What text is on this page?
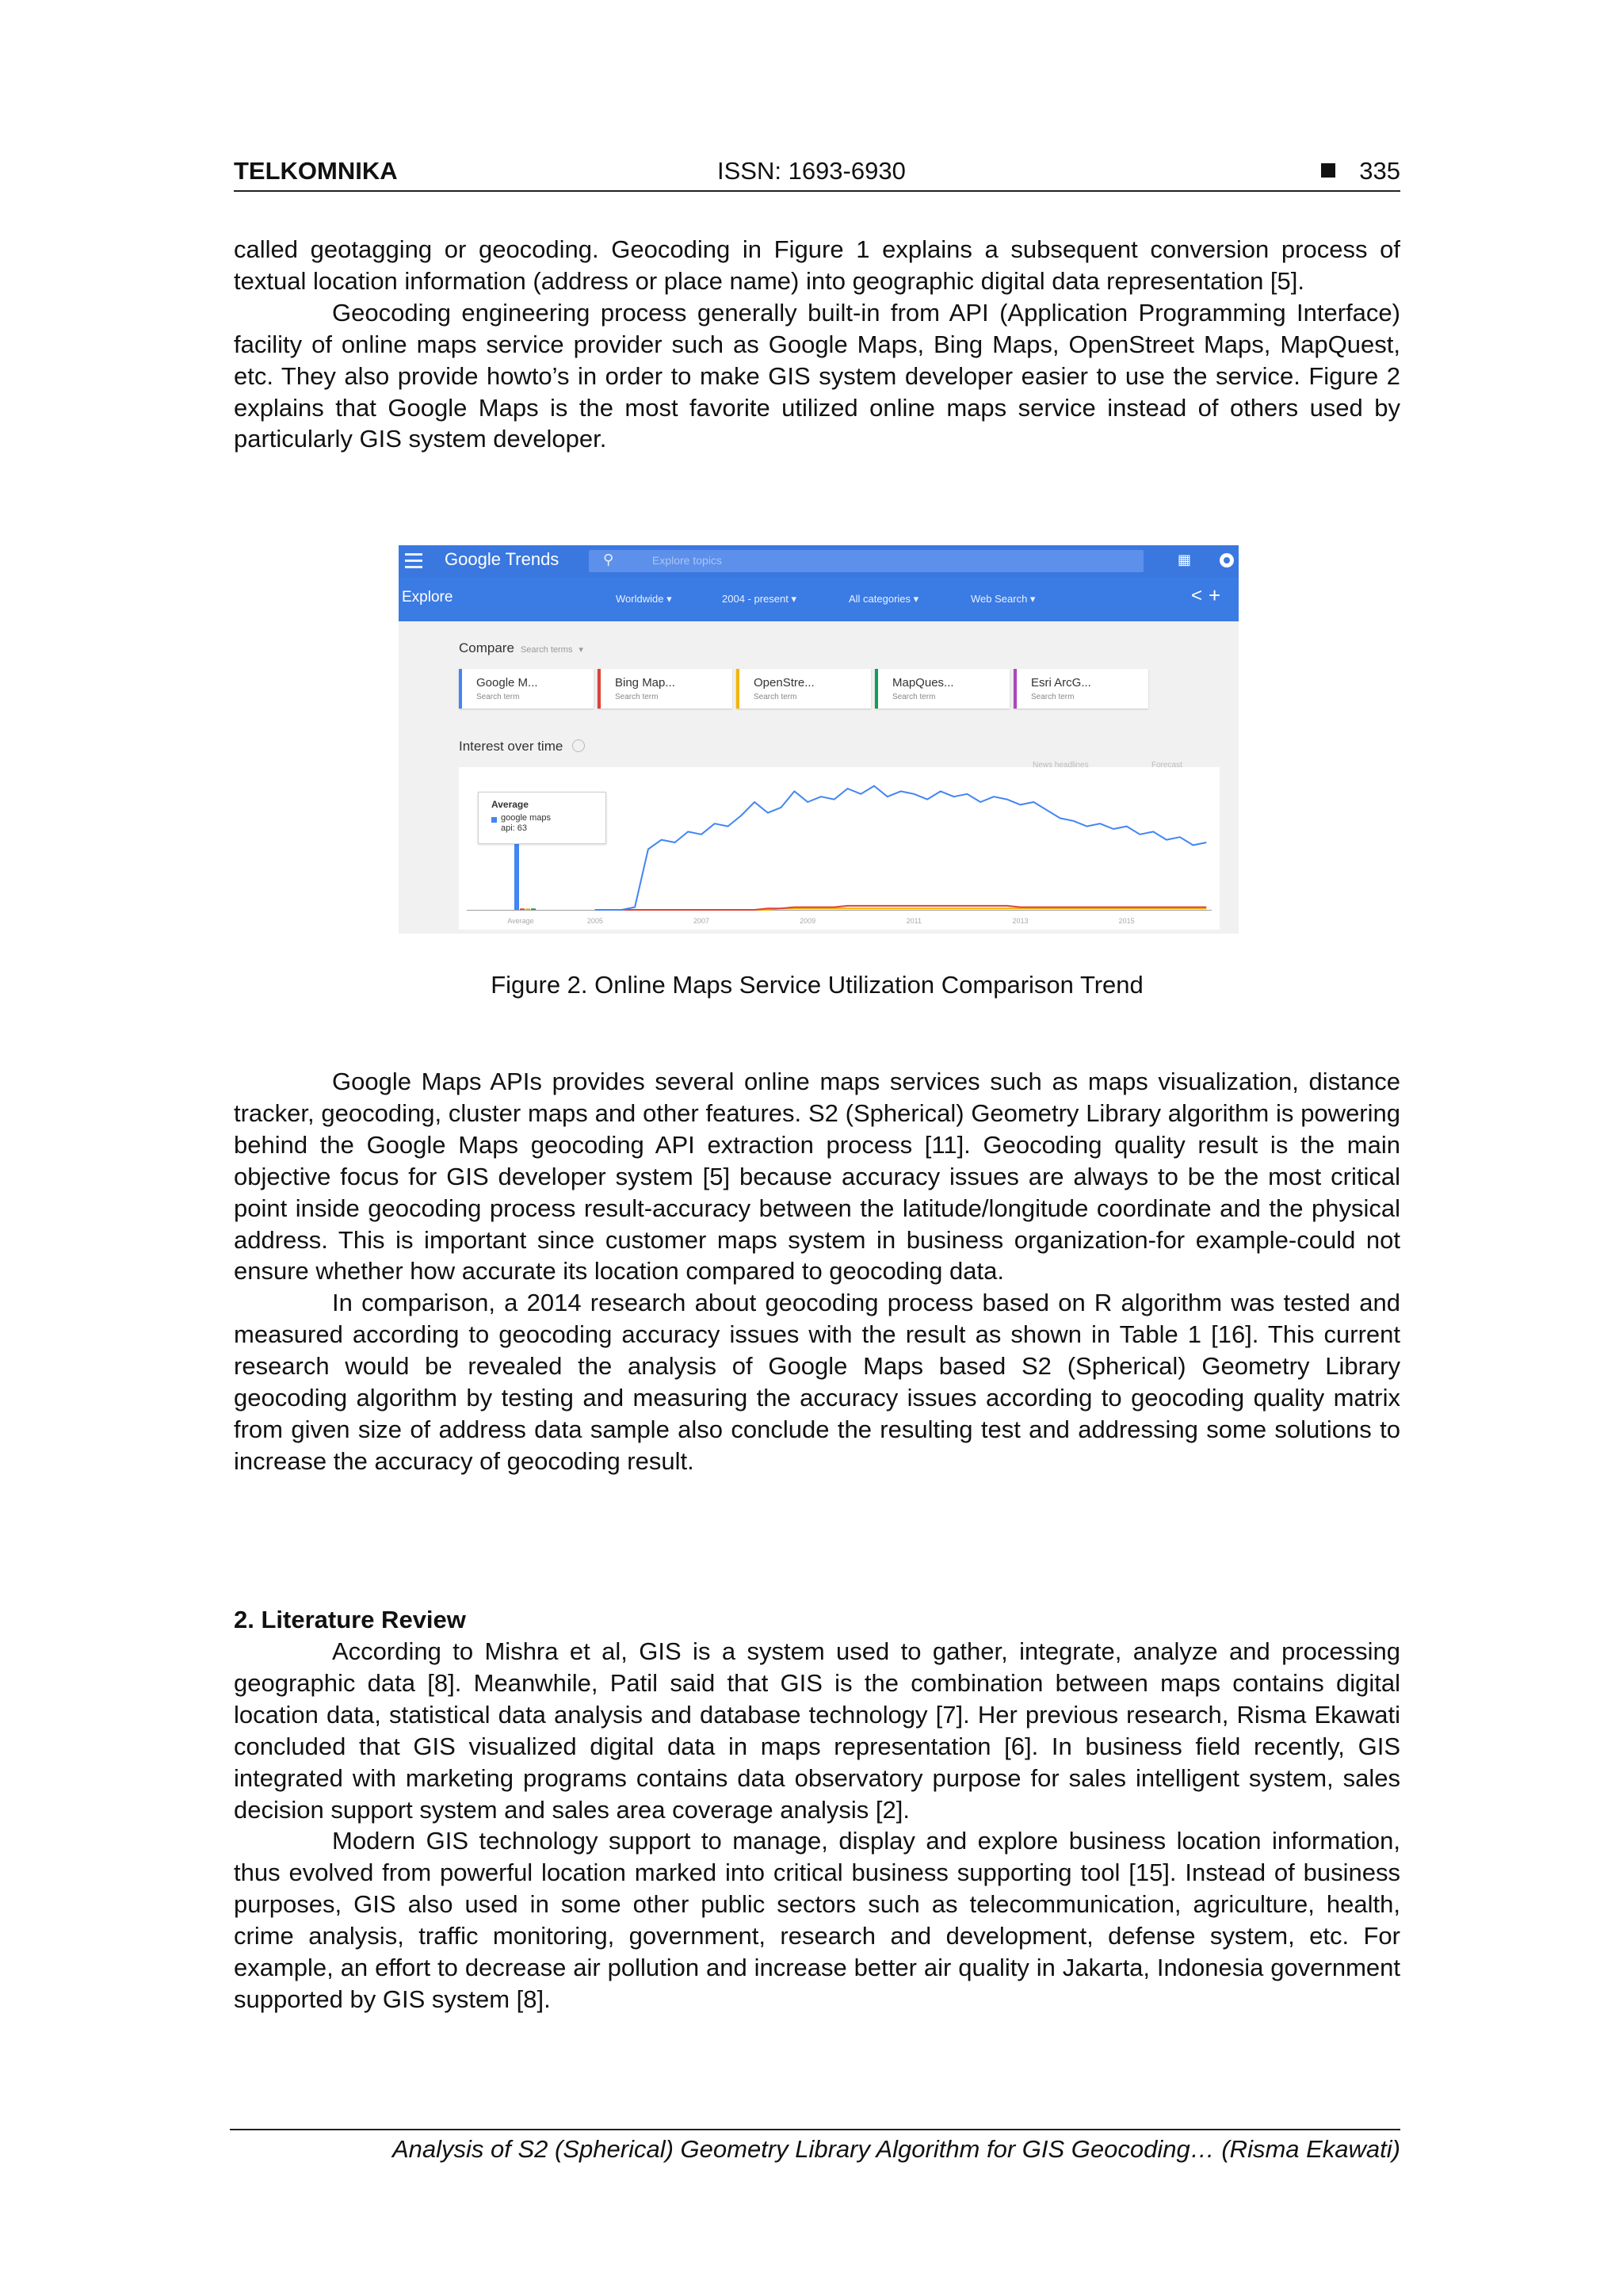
TELKOMNIKA	ISSN: 1693-6930	335

called geotagging or geocoding. Geocoding in Figure 1 explains a subsequent conversion process of textual location information (address or place name) into geographic digital data representation [5].

Geocoding engineering process generally built-in from API (Application Programming Interface) facility of online maps service provider such as Google Maps, Bing Maps, OpenStreet Maps, MapQuest, etc. They also provide howto’s in order to make GIS system developer easier to use the service. Figure 2 explains that Google Maps is the most favorite utilized online maps service instead of others used by particularly GIS system developer.

Google Trends	⚲	Explore topics	▦
Explore	Worldwide ▾	2004 - present ▾	All categories ▾	Web Search ▾	< +
Compare Search terms ▾
Google M...
Search term
Bing Map...
Search term
OpenStre...
Search term
MapQues...
Search term
Esri ArcG...
Search term
Interest over time
News headlines	Forecast
Average	2005	2007	2009	2011	2013	2015
Average
google maps
api: 63
Figure 2. Online Maps Service Utilization Comparison Trend

Google Maps APIs provides several online maps services such as maps visualization, distance tracker, geocoding, cluster maps and other features. S2 (Spherical) Geometry Library algorithm is powering behind the Google Maps geocoding API extraction process [11]. Geocoding quality result is the main objective focus for GIS developer system [5] because accuracy issues are always to be the most critical point inside geocoding process result-accuracy between the latitude/longitude coordinate and the physical address. This is important since customer maps system in business organization-for example-could not ensure whether how accurate its location compared to geocoding data.

In comparison, a 2014 research about geocoding process based on R algorithm was tested and measured according to geocoding accuracy issues with the result as shown in Table 1 [16]. This current research would be revealed the analysis of Google Maps based S2 (Spherical) Geometry Library geocoding algorithm by testing and measuring the accuracy issues according to geocoding quality matrix from given size of address data sample also conclude the resulting test and addressing some solutions to increase the accuracy of geocoding result.

2. Literature Review

According to Mishra et al, GIS is a system used to gather, integrate, analyze and processing geographic data [8]. Meanwhile, Patil said that GIS is the combination between maps contains digital location data, statistical data analysis and database technology [7]. Her previous research, Risma Ekawati concluded that GIS visualized digital data in maps representation [6]. In business field recently, GIS integrated with marketing programs contains data observatory purpose for sales intelligent system, sales decision support system and sales area coverage analysis [2].

Modern GIS technology support to manage, display and explore business location information, thus evolved from powerful location marked into critical business supporting tool [15]. Instead of business purposes, GIS also used in some other public sectors such as telecommunication, agriculture, health, crime analysis, traffic monitoring, government, research and development, defense system, etc. For example, an effort to decrease air pollution and increase better air quality in Jakarta, Indonesia government supported by GIS system [8].

Analysis of S2 (Spherical) Geometry Library Algorithm for GIS Geocoding… (Risma Ekawati)
